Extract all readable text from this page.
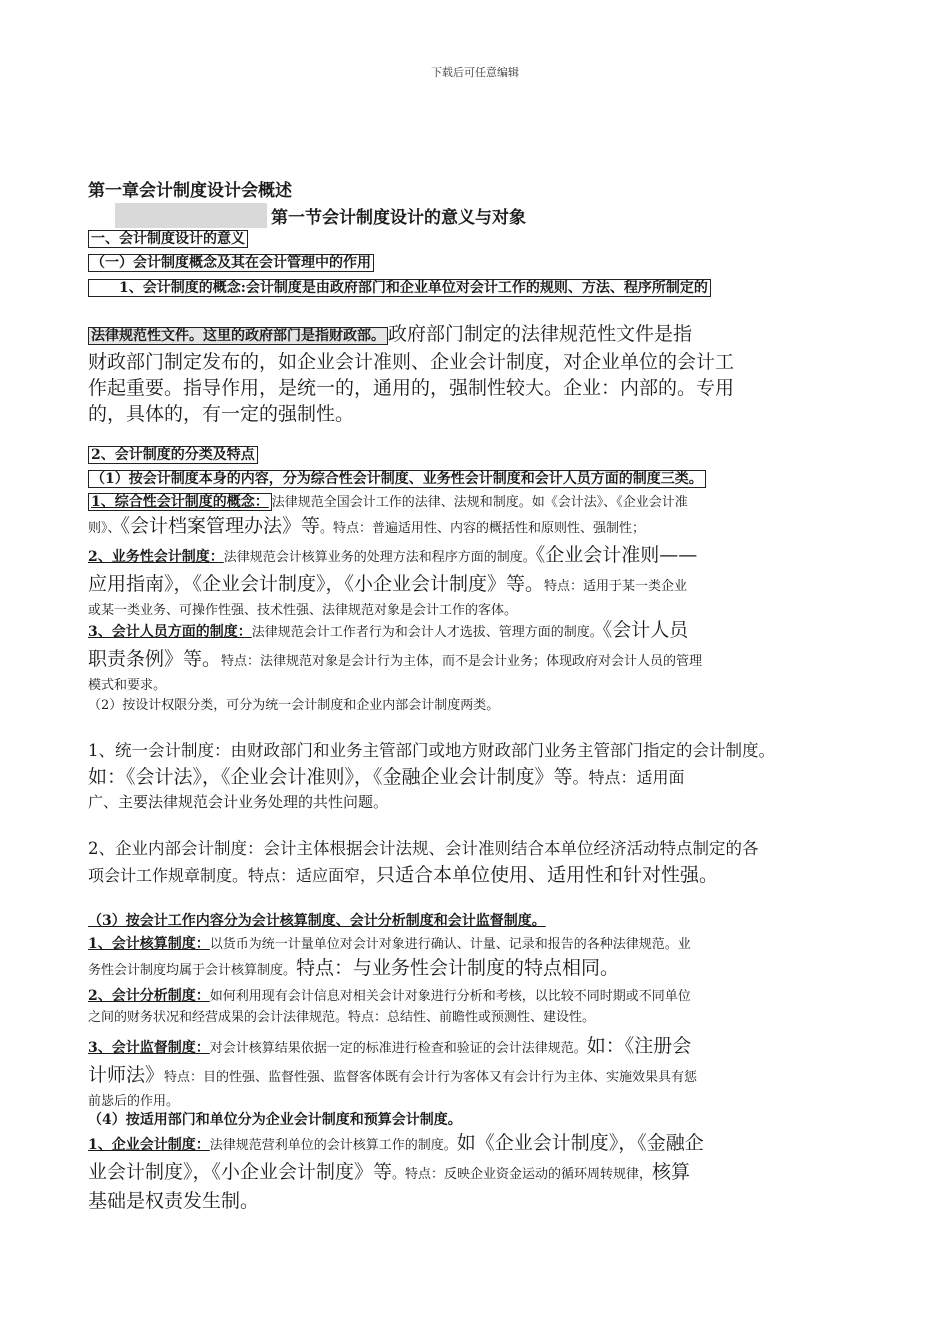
下载后可任意编辑
第一章会计制度设计会概述
第一节会计制度设计的意义与对象
一、会计制度设计的意义
（一）会计制度概念及其在会计管理中的作用
1、会计制度的概念:会计制度是由政府部门和企业单位对会计工作的规则、方法、程序所制定的
法律规范性文件。这里的政府部门是指财政部。 政府部门制定的法律规范性文件是指
财政部门制定发布的，如企业会计准则、企业会计制度，对企业单位的会计工
作起重要。指导作用，是统一的，通用的，强制性较大。企业：内部的。专用
的，具体的，有一定的强制性。
2、会计制度的分类及特点
（1）按会计制度本身的内容，分为综合性会计制度、业务性会计制度和会计人员方面的制度三类。
1、综合性会计制度的概念： 法律规范全国会计工作的法律、法规和制度。如《会计法》、《企业会计准
则》、《会计档案管理办法》等。特点：普遍适用性、内容的概括性和原则性、强制性；
2、业务性会计制度：法律规范会计核算业务的处理方法和程序方面的制度。《企业会计准则——
应用指南》，《企业会计制度》，《小企业会计制度》等。特点：适用于某一类企业
或某一类业务、可操作性强、技术性强、法律规范对象是会计工作的客体。
3、会计人员方面的制度：法律规范会计工作者行为和会计人才选拔、管理方面的制度。《会计人员
职责条例》等。特点：法律规范对象是会计行为主体，而不是会计业务；体现政府对会计人员的管理
模式和要求。
（2）按设计权限分类，可分为统一会计制度和企业内部会计制度两类。
1、统一会计制度：由财政部门和业务主管部门或地方财政部门业务主管部门指定的会计制度。
如：《会计法》，《企业会计准则》，《金融企业会计制度》等。特点：适用面
广、主要法律规范会计业务处理的共性问题。
2、企业内部会计制度：会计主体根据会计法规、会计准则结合本单位经济活动特点制定的各
项会计工作规章制度。特点：适应面窄，只适合本单位使用、适用性和针对性强。
（3）按会计工作内容分为会计核算制度、会计分析制度和会计监督制度。
1、会计核算制度：以货币为统一计量单位对会计对象进行确认、计量、记录和报告的各种法律规范。业
务性会计制度均属于会计核算制度。特点：与业务性会计制度的特点相同。
2、会计分析制度：如何利用现有会计信息对相关会计对象进行分析和考核，以比较不同时期或不同单位
之间的财务状况和经营成果的会计法律规范。特点：总结性、前瞻性或预测性、建设性。
3、会计监督制度：对会计核算结果依据一定的标准进行检查和验证的会计法律规范。如：《注册会
计师法》特点：目的性强、监督性强、监督客体既有会计行为客体又有会计行为主体、实施效果具有惩
前毖后的作用。
（4）按适用部门和单位分为企业会计制度和预算会计制度。
1、企业会计制度：法律规范营利单位的会计核算工作的制度。如《企业会计制度》，《金融企
业会计制度》，《小企业会计制度》等。特点：反映企业资金运动的循环周转规律，核算
基础是权责发生制。
